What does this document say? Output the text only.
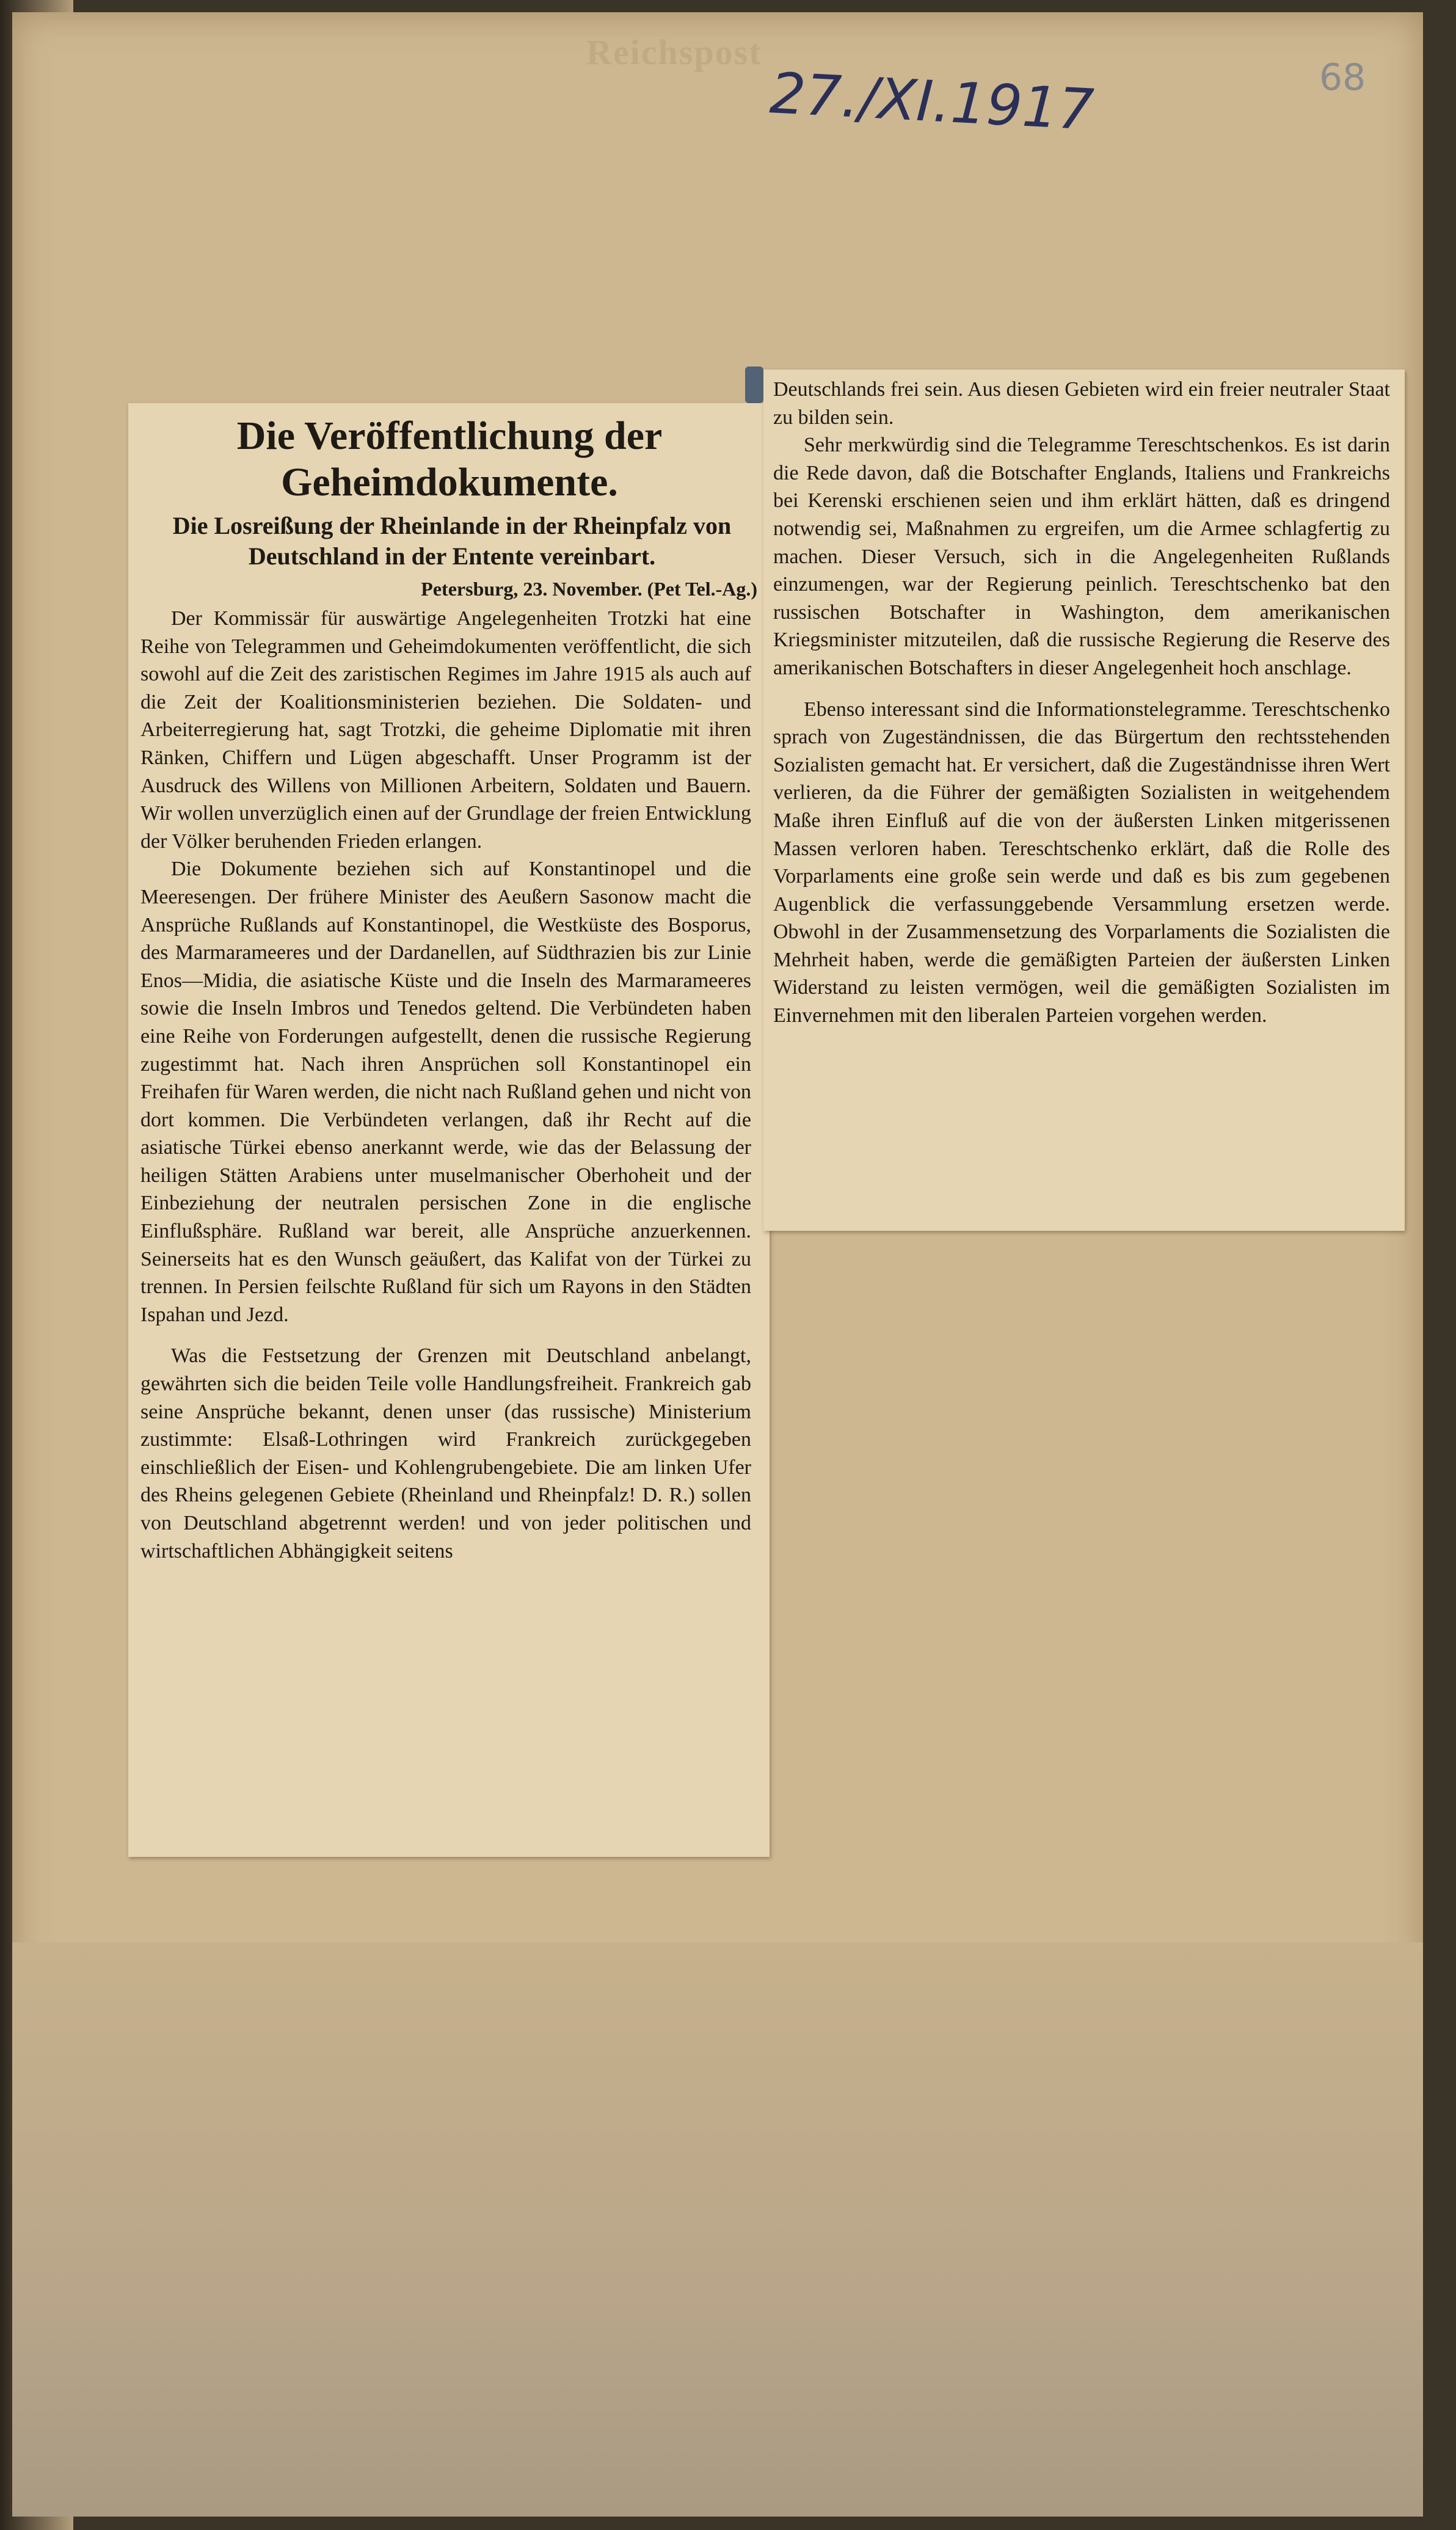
Reichspost
27./XI.1917	68
Die Veröffentlichung der Geheimdokumente.
Die Losreißung der Rheinlande in der Rheinpfalz von Deutschland in der Entente vereinbart.
Petersburg, 23. November. (Pet Tel.-Ag.)

Der Kommissär für auswärtige Angelegenheiten Trotzki hat eine Reihe von Telegrammen und Geheimdokumenten veröffentlicht, die sich sowohl auf die Zeit des zaristischen Regimes im Jahre 1915 als auch auf die Zeit der Koalitionsministerien beziehen. Die Soldaten- und Arbeiterregierung hat, sagt Trotzki, die geheime Diplomatie mit ihren Ränken, Chiffern und Lügen abgeschafft. Unser Programm ist der Ausdruck des Willens von Millionen Arbeitern, Soldaten und Bauern. Wir wollen unverzüglich einen auf der Grundlage der freien Entwicklung der Völker beruhenden Frieden erlangen.

Die Dokumente beziehen sich auf Konstantinopel und die Meeresengen. Der frühere Minister des Aeußern Sasonow macht die Ansprüche Rußlands auf Konstantinopel, die Westküste des Bosporus, des Marmarameeres und der Dardanellen, auf Südthrazien bis zur Linie Enos—Midia, die asiatische Küste und die Inseln des Marmarameeres sowie die Inseln Imbros und Tenedos geltend. Die Verbündeten haben eine Reihe von Forderungen aufgestellt, denen die russische Regierung zugestimmt hat. Nach ihren Ansprüchen soll Konstantinopel ein Freihafen für Waren werden, die nicht nach Rußland gehen und nicht von dort kommen. Die Verbündeten verlangen, daß ihr Recht auf die asiatische Türkei ebenso anerkannt werde, wie das der Belassung der heiligen Stätten Arabiens unter muselmanischer Oberhoheit und der Einbeziehung der neutralen persischen Zone in die englische Einflußsphäre. Rußland war bereit, alle Ansprüche anzuerkennen. Seinerseits hat es den Wunsch geäußert, das Kalifat von der Türkei zu trennen. In Persien feilschte Rußland für sich um Rayons in den Städten Ispahan und Jezd.

Was die Festsetzung der Grenzen mit Deutschland anbelangt, gewährten sich die beiden Teile volle Handlungsfreiheit. Frankreich gab seine Ansprüche bekannt, denen unser (das russische) Ministerium zustimmte: Elsaß-Lothringen wird Frankreich zurückgegeben einschließlich der Eisen- und Kohlengrubengebiete. Die am linken Ufer des Rheins gelegenen Gebiete (Rheinland und Rheinpfalz! D. R.) sollen von Deutschland abgetrennt werden! und von jeder politischen und wirtschaftlichen Abhängigkeit seitens

Deutschlands frei sein. Aus diesen Gebieten wird ein freier neutraler Staat zu bilden sein.

Sehr merkwürdig sind die Telegramme Tereschtschenkos. Es ist darin die Rede davon, daß die Botschafter Englands, Italiens und Frankreichs bei Kerenski erschienen seien und ihm erklärt hätten, daß es dringend notwendig sei, Maßnahmen zu ergreifen, um die Armee schlagfertig zu machen. Dieser Versuch, sich in die Angelegenheiten Rußlands einzumengen, war der Regierung peinlich. Tereschtschenko bat den russischen Botschafter in Washington, dem amerikanischen Kriegsminister mitzuteilen, daß die russische Regierung die Reserve des amerikanischen Botschafters in dieser Angelegenheit hoch anschlage.

Ebenso interessant sind die Informationstelegramme. Tereschtschenko sprach von Zugeständnissen, die das Bürgertum den rechtsstehenden Sozialisten gemacht hat. Er versichert, daß die Zugeständnisse ihren Wert verlieren, da die Führer der gemäßigten Sozialisten in weitgehendem Maße ihren Einfluß auf die von der äußersten Linken mitgerissenen Massen verloren haben. Tereschtschenko erklärt, daß die Rolle des Vorparlaments eine große sein werde und daß es bis zum gegebenen Augenblick die verfassunggebende Versammlung ersetzen werde. Obwohl in der Zusammensetzung des Vorparlaments die Sozialisten die Mehrheit haben, werde die gemäßigten Parteien der äußersten Linken Widerstand zu leisten vermögen, weil die gemäßigten Sozialisten im Einvernehmen mit den liberalen Parteien vorgehen werden.
